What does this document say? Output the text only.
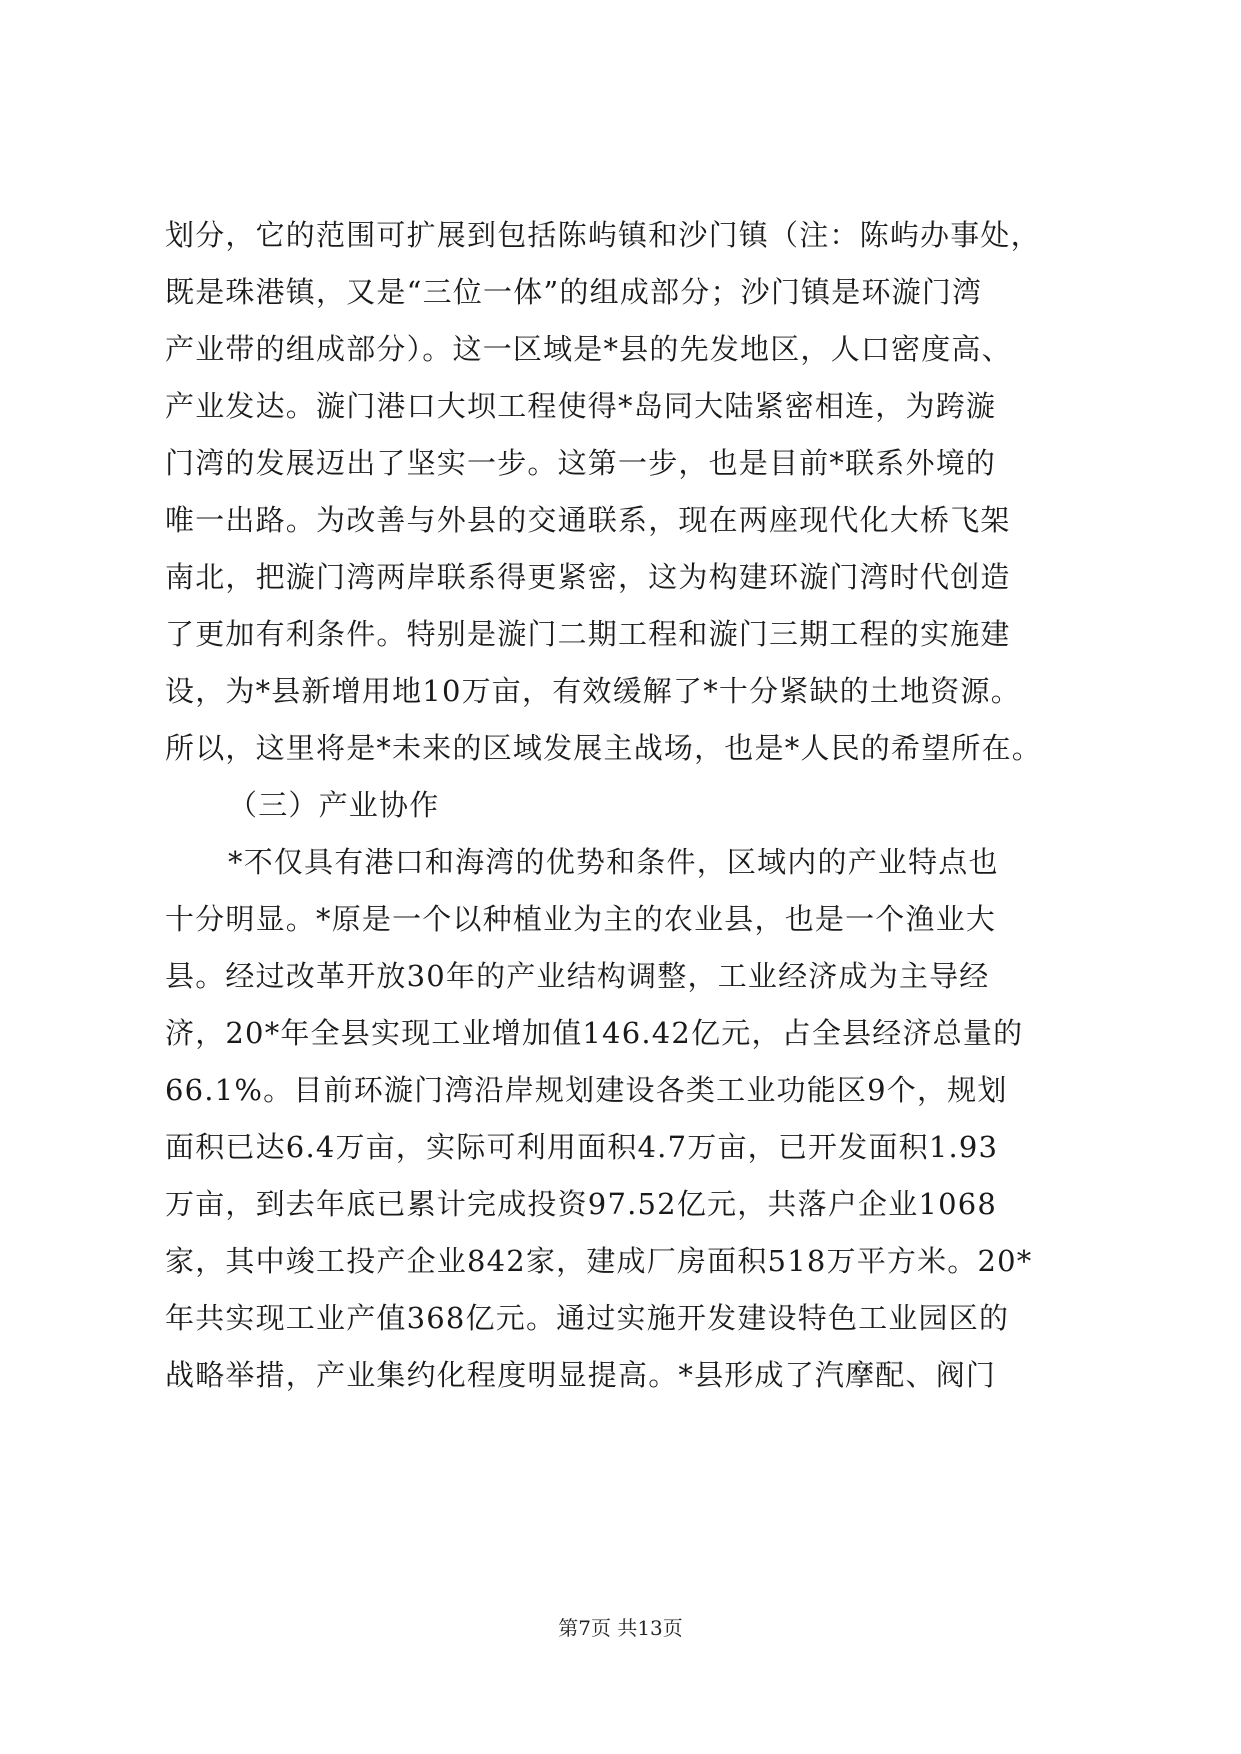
划分，它的范围可扩展到包括陈屿镇和沙门镇（注：陈屿办事处，
既是珠港镇，又是“三位一体”的组成部分；沙门镇是环漩门湾
产业带的组成部分）。这一区域是*县的先发地区，人口密度高、
产业发达。漩门港口大坝工程使得*岛同大陆紧密相连，为跨漩
门湾的发展迈出了坚实一步。这第一步，也是目前*联系外境的
唯一出路。为改善与外县的交通联系，现在两座现代化大桥飞架
南北，把漩门湾两岸联系得更紧密，这为构建环漩门湾时代创造
了更加有利条件。特别是漩门二期工程和漩门三期工程的实施建
设，为*县新增用地10万亩，有效缓解了*十分紧缺的土地资源。
所以，这里将是*未来的区域发展主战场，也是*人民的希望所在。
（三）产业协作
*不仅具有港口和海湾的优势和条件，区域内的产业特点也
十分明显。*原是一个以种植业为主的农业县，也是一个渔业大
县。经过改革开放30年的产业结构调整，工业经济成为主导经
济，20*年全县实现工业增加值146.42亿元，占全县经济总量的
66.1%。目前环漩门湾沿岸规划建设各类工业功能区9个，规划
面积已达6.4万亩，实际可利用面积4.7万亩，已开发面积1.93
万亩，到去年底已累计完成投资97.52亿元，共落户企业1068
家，其中竣工投产企业842家，建成厂房面积518万平方米。20*
年共实现工业产值368亿元。通过实施开发建设特色工业园区的
战略举措，产业集约化程度明显提高。*县形成了汽摩配、阀门
第7页 共13页
